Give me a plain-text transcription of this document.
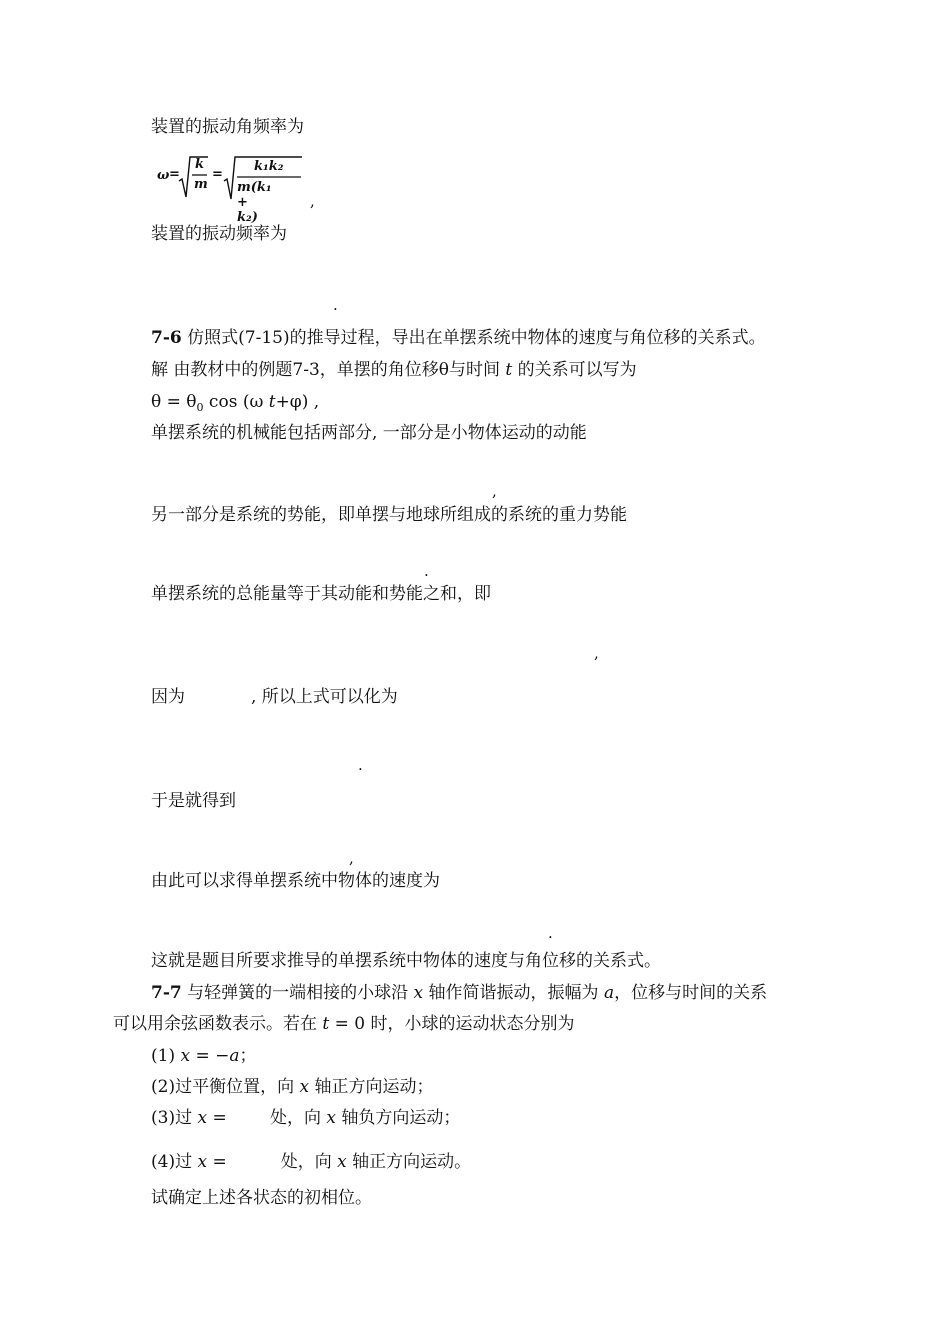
装置的振动角频率为
ω =
k
m
=
k₁k₂
m(k₁ + k₂)
,
装置的振动频率为
.
7-6 仿照式(7-15)的推导过程，导出在单摆系统中物体的速度与角位移的关系式。
解 由教材中的例题7-3，单摆的角位移θ与时间 t 的关系可以写为
$\theta = \theta_0$ cos (ω t+φ) ,
单摆系统的机械能包括两部分, 一部分是小物体运动的动能
,
另一部分是系统的势能，即单摆与地球所组成的系统的重力势能
.
单摆系统的总能量等于其动能和势能之和，即
,
因为	, 所以上式可以化为
.
于是就得到
,
由此可以求得单摆系统中物体的速度为
.
这就是题目所要求推导的单摆系统中物体的速度与角位移的关系式。
7-7 与轻弹簧的一端相接的小球沿 x 轴作简谐振动，振幅为 a，位移与时间的关系
可以用余弦函数表示。若在 t = 0 时，小球的运动状态分别为
(1) x = −a；
(2)过平衡位置，向 x 轴正方向运动；
(3)过 x =        处，向 x 轴负方向运动；
(4)过 x =          处，向 x 轴正方向运动。
试确定上述各状态的初相位。
